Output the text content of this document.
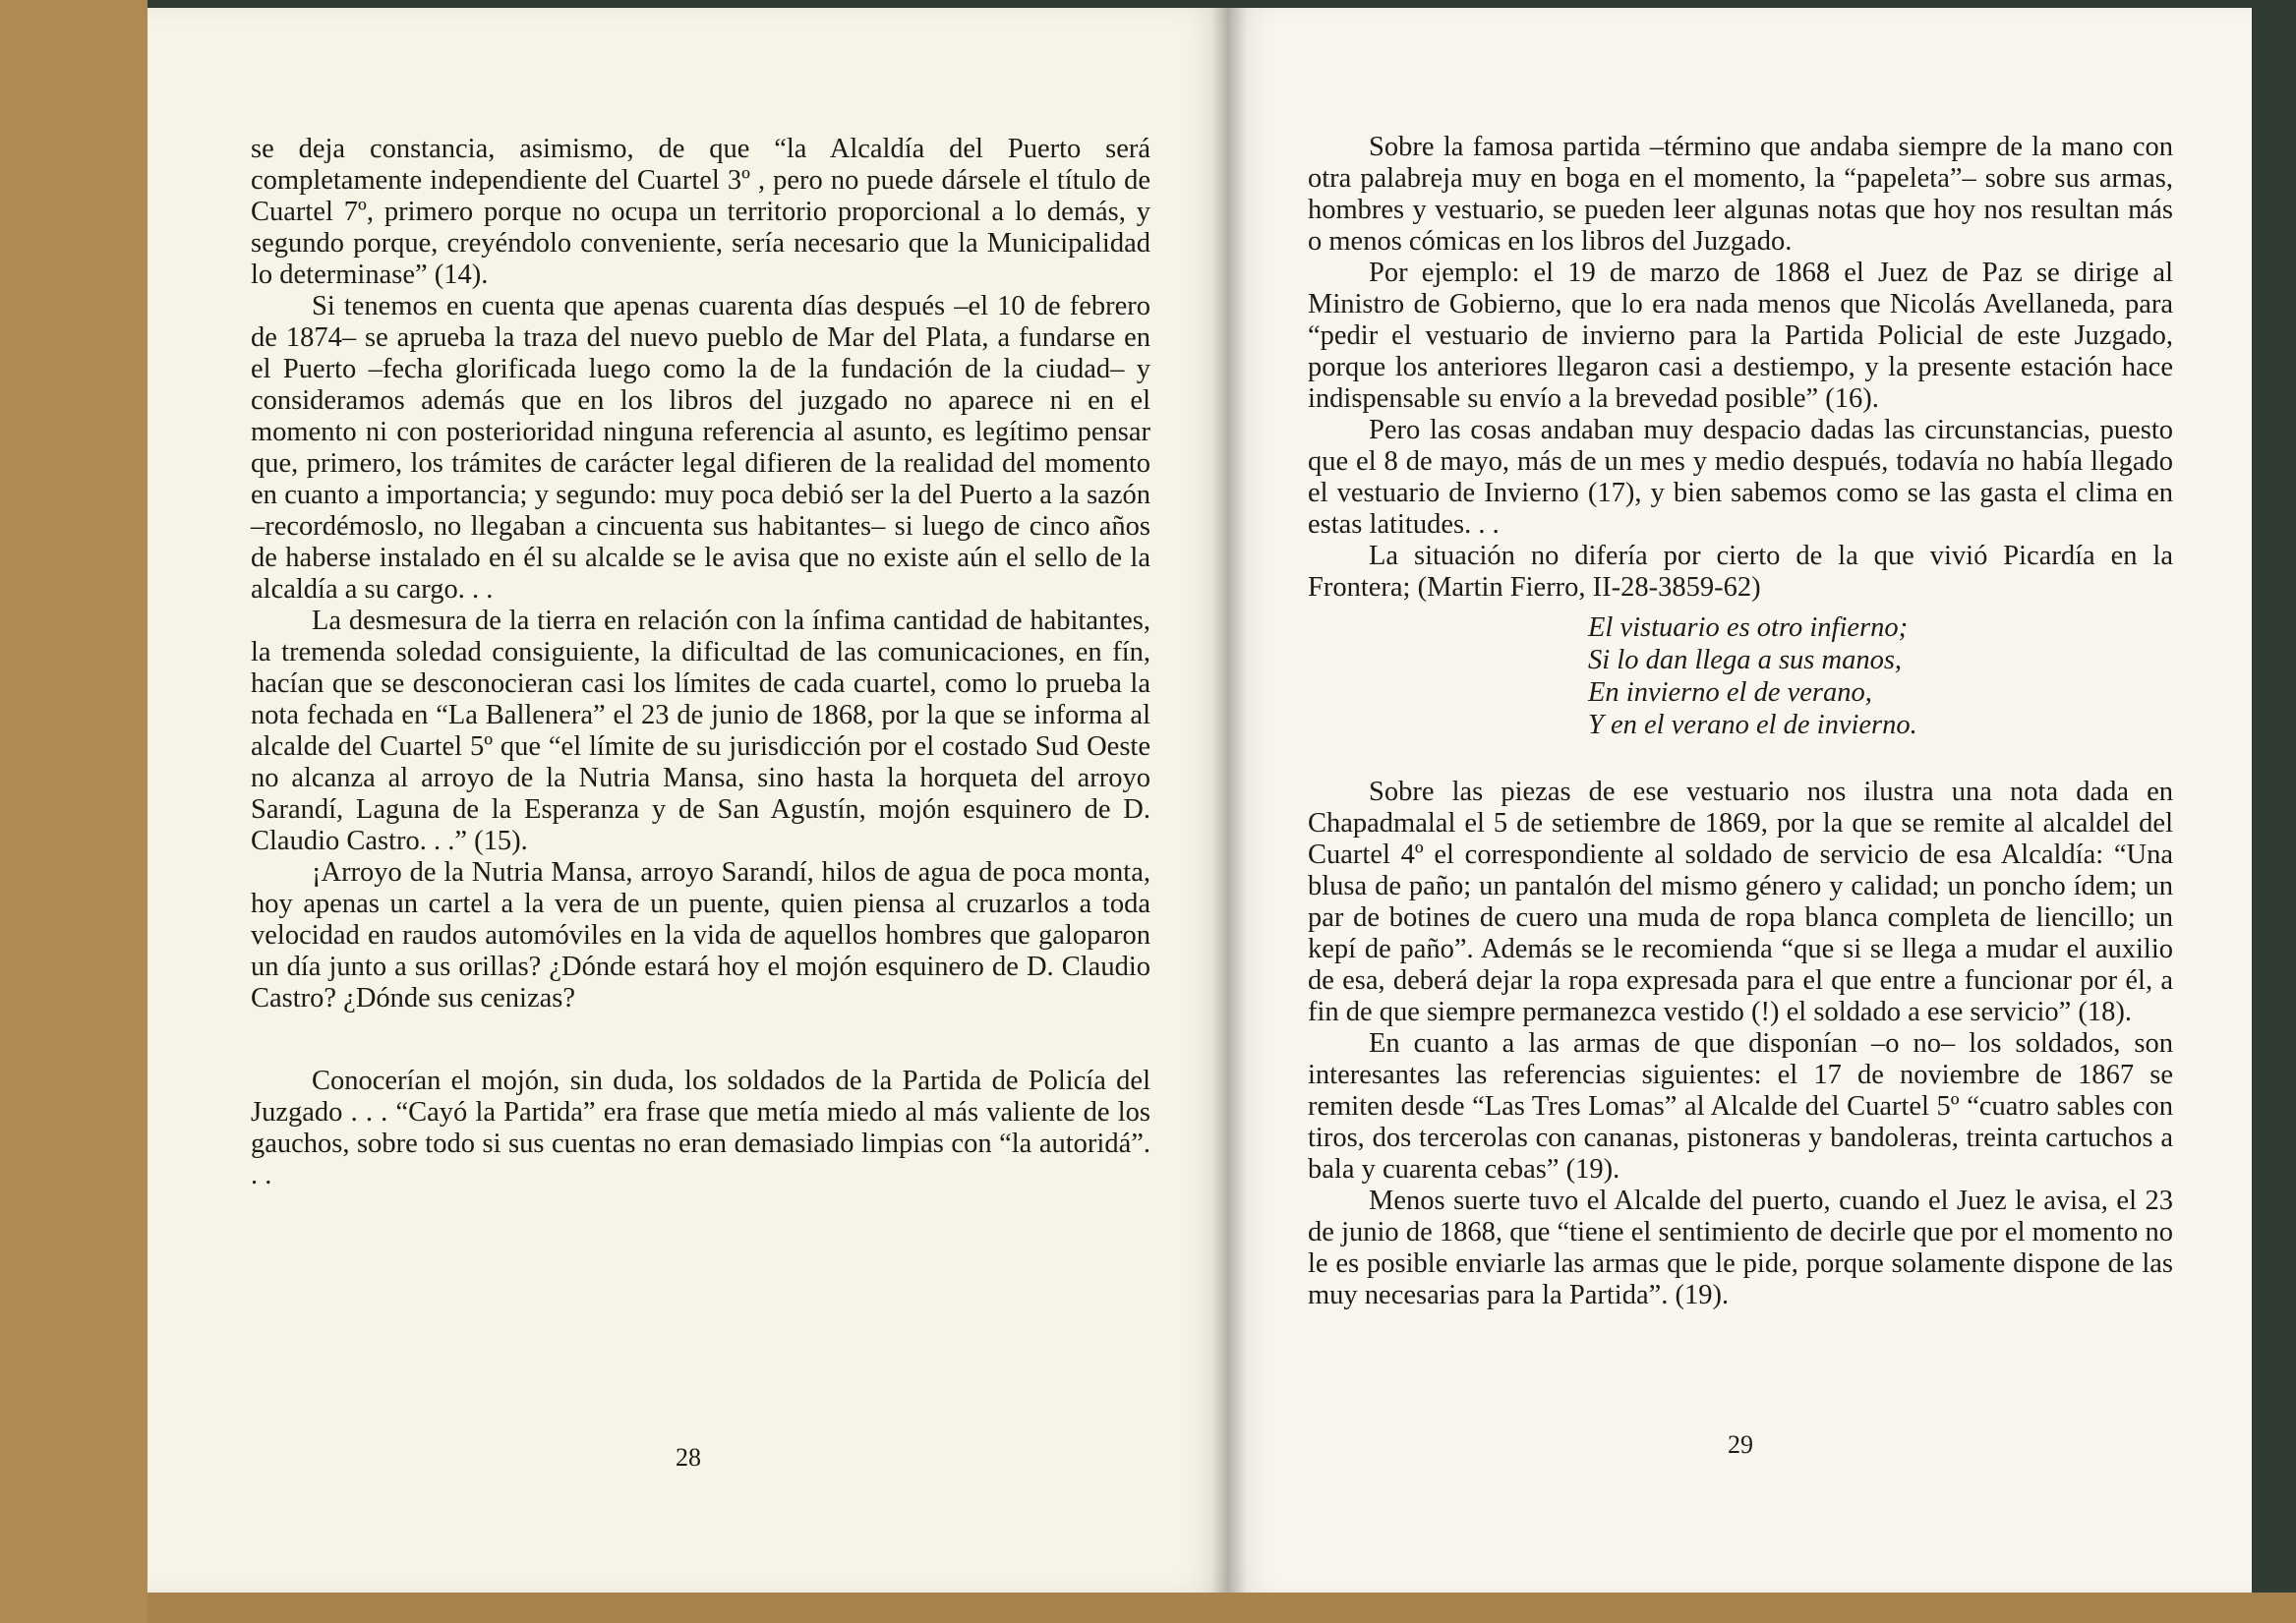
se deja constancia, asimismo, de que “la Alcaldía del Puerto será completamente independiente del Cuartel 3º , pero no puede dársele el título de Cuartel 7º, primero porque no ocupa un territorio proporcional a lo demás, y segundo porque, creyéndolo conveniente, sería necesario que la Municipalidad lo determinase” (14).

Si tenemos en cuenta que apenas cuarenta días después –el 10 de febrero de 1874– se aprueba la traza del nuevo pueblo de Mar del Plata, a fundarse en el Puerto –fecha glorificada luego como la de la fundación de la ciudad– y consideramos además que en los libros del juzgado no aparece ni en el momento ni con posterioridad ninguna referencia al asunto, es legítimo pensar que, primero, los trámites de carácter legal difieren de la realidad del momento en cuanto a importancia; y segundo: muy poca debió ser la del Puerto a la sazón –recordémoslo, no llegaban a cincuenta sus habitantes– si luego de cinco años de haberse instalado en él su alcalde se le avisa que no existe aún el sello de la alcaldía a su cargo. . .

La desmesura de la tierra en relación con la ínfima cantidad de habitantes, la tremenda soledad consiguiente, la dificultad de las comunicaciones, en fín, hacían que se desconocieran casi los límites de cada cuartel, como lo prueba la nota fechada en “La Ballenera” el 23 de junio de 1868, por la que se informa al alcalde del Cuartel 5º que “el límite de su jurisdicción por el costado Sud Oeste no alcanza al arroyo de la Nutria Mansa, sino hasta la horqueta del arroyo Sarandí, Laguna de la Esperanza y de San Agustín, mojón esquinero de D. Claudio Castro. . .” (15).

¡Arroyo de la Nutria Mansa, arroyo Sarandí, hilos de agua de poca monta, hoy apenas un cartel a la vera de un puente, quien piensa al cruzarlos a toda velocidad en raudos automóviles en la vida de aquellos hombres que galoparon un día junto a sus orillas? ¿Dónde estará hoy el mojón esquinero de D. Claudio Castro? ¿Dónde sus cenizas?

Conocerían el mojón, sin duda, los soldados de la Partida de Policía del Juzgado . . . “Cayó la Partida” era frase que metía miedo al más valiente de los gauchos, sobre todo si sus cuentas no eran demasiado limpias con “la autoridá”. . .

28

Sobre la famosa partida –término que andaba siempre de la mano con otra palabreja muy en boga en el momento, la “papeleta”– sobre sus armas, hombres y vestuario, se pueden leer algunas notas que hoy nos resultan más o menos cómicas en los libros del Juzgado.

Por ejemplo: el 19 de marzo de 1868 el Juez de Paz se dirige al Ministro de Gobierno, que lo era nada menos que Nicolás Avellaneda, para “pedir el vestuario de invierno para la Partida Policial de este Juzgado, porque los anteriores llegaron casi a destiempo, y la presente estación hace indispensable su envío a la brevedad posible” (16).

Pero las cosas andaban muy despacio dadas las circunstancias, puesto que el 8 de mayo, más de un mes y medio después, todavía no había llegado el vestuario de Invierno (17), y bien sabemos como se las gasta el clima en estas latitudes. . .

La situación no difería por cierto de la que vivió Picardía en la Frontera; (Martin Fierro, II-28-3859-62)

El vistuario es otro infierno;
Si lo dan llega a sus manos,
En invierno el de verano,
Y en el verano el de invierno.

Sobre las piezas de ese vestuario nos ilustra una nota dada en Chapadmalal el 5 de setiembre de 1869, por la que se remite al alcaldel del Cuartel 4º el correspondiente al soldado de servicio de esa Alcaldía: “Una blusa de paño; un pantalón del mismo género y calidad; un poncho ídem; un par de botines de cuero una muda de ropa blanca completa de liencillo; un kepí de paño”. Además se le recomienda “que si se llega a mudar el auxilio de esa, deberá dejar la ropa expresada para el que entre a funcionar por él, a fin de que siempre permanezca vestido (!) el soldado a ese servicio” (18).

En cuanto a las armas de que disponían –o no– los soldados, son interesantes las referencias siguientes: el 17 de noviembre de 1867 se remiten desde “Las Tres Lomas” al Alcalde del Cuartel 5º “cuatro sables con tiros, dos tercerolas con cananas, pistoneras y bandoleras, treinta cartuchos a bala y cuarenta cebas” (19).

Menos suerte tuvo el Alcalde del puerto, cuando el Juez le avisa, el 23 de junio de 1868, que “tiene el sentimiento de decirle que por el momento no le es posible enviarle las armas que le pide, porque solamente dispone de las muy necesarias para la Partida”. (19).

29
